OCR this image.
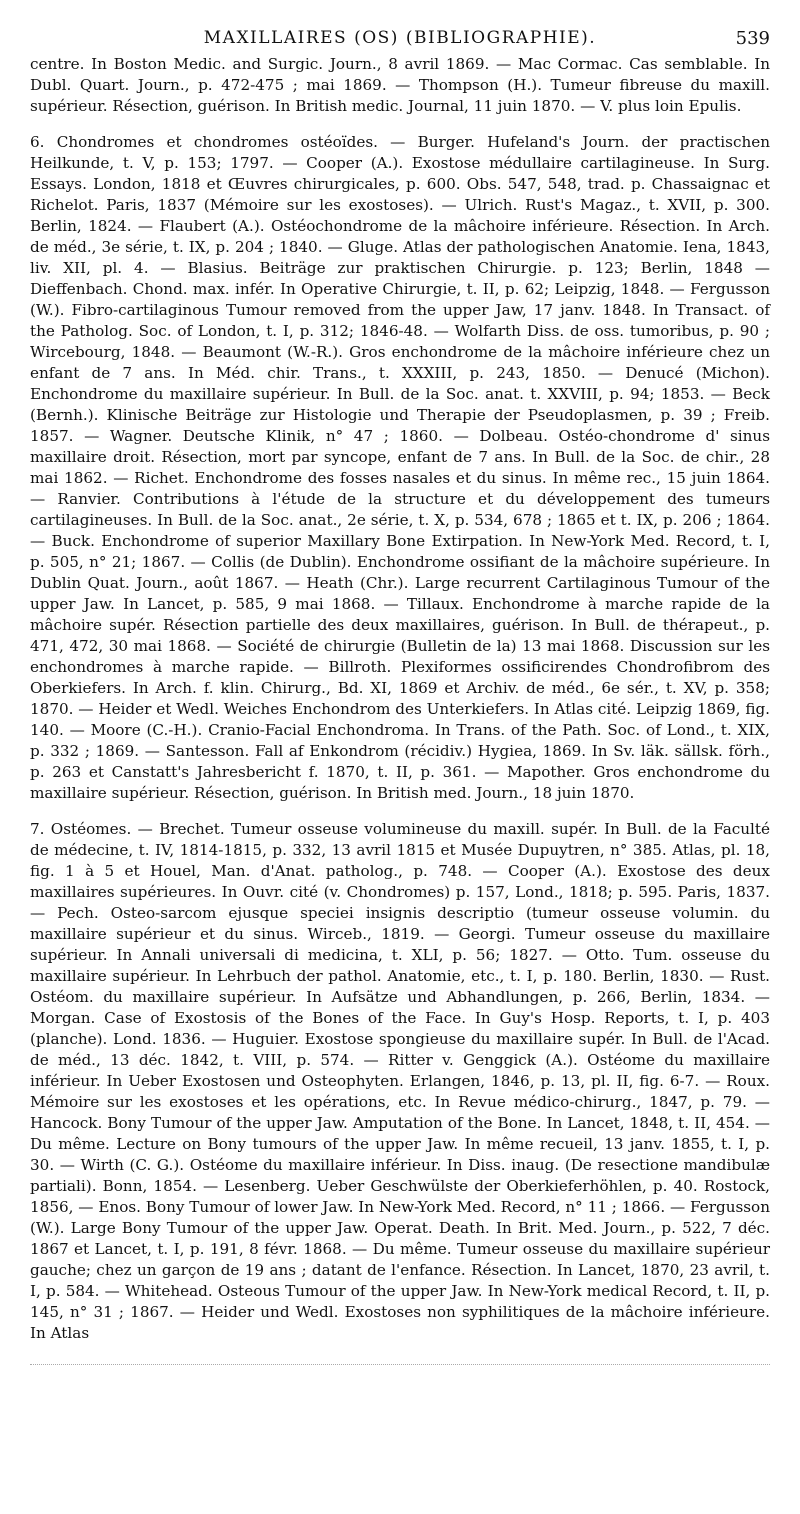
MAXILLAIRES (OS) (BIBLIOGRAPHIE).	539

centre. In Boston Medic. and Surgic. Journ., 8 avril 1869. — Mac Cormac. Cas semblable. In Dubl. Quart. Journ., p. 472-475 ; mai 1869. — Thompson (H.). Tumeur fibreuse du maxill. supérieur. Résection, guérison. In British medic. Journal, 11 juin 1870. — V. plus loin Epulis.

6. Chondromes et chondromes ostéoïdes. — Burger. Hufeland's Journ. der practischen Heilkunde, t. V, p. 153; 1797. — Cooper (A.). Exostose médullaire cartilagineuse. In Surg. Essays. London, 1818 et Œuvres chirurgicales, p. 600. Obs. 547, 548, trad. p. Chassaignac et Richelot. Paris, 1837 (Mémoire sur les exostoses). — Ulrich. Rust's Magaz., t. XVII, p. 300. Berlin, 1824. — Flaubert (A.). Ostéochondrome de la mâchoire inférieure. Résection. In Arch. de méd., 3e série, t. IX, p. 204 ; 1840. — Gluge. Atlas der pathologischen Anatomie. Iena, 1843, liv. XII, pl. 4. — Blasius. Beiträge zur praktischen Chirurgie. p. 123; Berlin, 1848 — Dieffenbach. Chond. max. infér. In Operative Chirurgie, t. II, p. 62; Leipzig, 1848. — Fergusson (W.). Fibro-cartilaginous Tumour removed from the upper Jaw, 17 janv. 1848. In Transact. of the Patholog. Soc. of London, t. I, p. 312; 1846-48. — Wolfarth Diss. de oss. tumoribus, p. 90 ; Wircebourg, 1848. — Beaumont (W.-R.). Gros enchondrome de la mâchoire inférieure chez un enfant de 7 ans. In Méd. chir. Trans., t. XXXIII, p. 243, 1850. — Denucé (Michon). Enchondrome du maxillaire supérieur. In Bull. de la Soc. anat. t. XXVIII, p. 94; 1853. — Beck (Bernh.). Klinische Beiträge zur Histologie und Therapie der Pseudoplasmen, p. 39 ; Freib. 1857. — Wagner. Deutsche Klinik, n° 47 ; 1860. — Dolbeau. Ostéo-chondrome d' sinus maxillaire droit. Résection, mort par syncope, enfant de 7 ans. In Bull. de la Soc. de chir., 28 mai 1862. — Richet. Enchondrome des fosses nasales et du sinus. In même rec., 15 juin 1864. — Ranvier. Contributions à l'étude de la structure et du développement des tumeurs cartilagineuses. In Bull. de la Soc. anat., 2e série, t. X, p. 534, 678 ; 1865 et t. IX, p. 206 ; 1864. — Buck. Enchondrome of superior Maxillary Bone Extirpation. In New-York Med. Record, t. I, p. 505, n° 21; 1867. — Collis (de Dublin). Enchondrome ossifiant de la mâchoire supérieure. In Dublin Quat. Journ., août 1867. — Heath (Chr.). Large recurrent Cartilaginous Tumour of the upper Jaw. In Lancet, p. 585, 9 mai 1868. — Tillaux. Enchondrome à marche rapide de la mâchoire supér. Résection partielle des deux maxillaires, guérison. In Bull. de thérapeut., p. 471, 472, 30 mai 1868. — Société de chirurgie (Bulletin de la) 13 mai 1868. Discussion sur les enchondromes à marche rapide. — Billroth. Plexiformes ossificirendes Chondrofibrom des Oberkiefers. In Arch. f. klin. Chirurg., Bd. XI, 1869 et Archiv. de méd., 6e sér., t. XV, p. 358; 1870. — Heider et Wedl. Weiches Enchondrom des Unterkiefers. In Atlas cité. Leipzig 1869, fig. 140. — Moore (C.-H.). Cranio-Facial Enchondroma. In Trans. of the Path. Soc. of Lond., t. XIX, p. 332 ; 1869. — Santesson. Fall af Enkondrom (récidiv.) Hygiea, 1869. In Sv. läk. sällsk. förh., p. 263 et Canstatt's Jahresbericht f. 1870, t. II, p. 361. — Mapother. Gros enchondrome du maxillaire supérieur. Résection, guérison. In British med. Journ., 18 juin 1870.

7. Ostéomes. — Brechet. Tumeur osseuse volumineuse du maxill. supér. In Bull. de la Faculté de médecine, t. IV, 1814-1815, p. 332, 13 avril 1815 et Musée Dupuytren, n° 385. Atlas, pl. 18, fig. 1 à 5 et Houel, Man. d'Anat. patholog., p. 748. — Cooper (A.). Exostose des deux maxillaires supérieures. In Ouvr. cité (v. Chondromes) p. 157, Lond., 1818; p. 595. Paris, 1837. — Pech. Osteo-sarcom ejusque speciei insignis descriptio (tumeur osseuse volumin. du maxillaire supérieur et du sinus. Wirceb., 1819. — Georgi. Tumeur osseuse du maxillaire supérieur. In Annali universali di medicina, t. XLI, p. 56; 1827. — Otto. Tum. osseuse du maxillaire supérieur. In Lehrbuch der pathol. Anatomie, etc., t. I, p. 180. Berlin, 1830. — Rust. Ostéom. du maxillaire supérieur. In Aufsätze und Abhandlungen, p. 266, Berlin, 1834. — Morgan. Case of Exostosis of the Bones of the Face. In Guy's Hosp. Reports, t. I, p. 403 (planche). Lond. 1836. — Huguier. Exostose spongieuse du maxillaire supér. In Bull. de l'Acad. de méd., 13 déc. 1842, t. VIII, p. 574. — Ritter v. Genggick (A.). Ostéome du maxillaire inférieur. In Ueber Exostosen und Osteophyten. Erlangen, 1846, p. 13, pl. II, fig. 6-7. — Roux. Mémoire sur les exostoses et les opérations, etc. In Revue médico-chirurg., 1847, p. 79. — Hancock. Bony Tumour of the upper Jaw. Amputation of the Bone. In Lancet, 1848, t. II, 454. — Du même. Lecture on Bony tumours of the upper Jaw. In même recueil, 13 janv. 1855, t. I, p. 30. — Wirth (C. G.). Ostéome du maxillaire inférieur. In Diss. inaug. (De resectione mandibulæ partiali). Bonn, 1854. — Lesenberg. Ueber Geschwülste der Oberkieferhöhlen, p. 40. Rostock, 1856, — Enos. Bony Tumour of lower Jaw. In New-York Med. Record, n° 11 ; 1866. — Fergusson (W.). Large Bony Tumour of the upper Jaw. Operat. Death. In Brit. Med. Journ., p. 522, 7 déc. 1867 et Lancet, t. I, p. 191, 8 févr. 1868. — Du même. Tumeur osseuse du maxillaire supérieur gauche; chez un garçon de 19 ans ; datant de l'enfance. Résection. In Lancet, 1870, 23 avril, t. I, p. 584. — Whitehead. Osteous Tumour of the upper Jaw. In New-York medical Record, t. II, p. 145, n° 31 ; 1867. — Heider und Wedl. Exostoses non syphilitiques de la mâchoire inférieure. In Atlas
